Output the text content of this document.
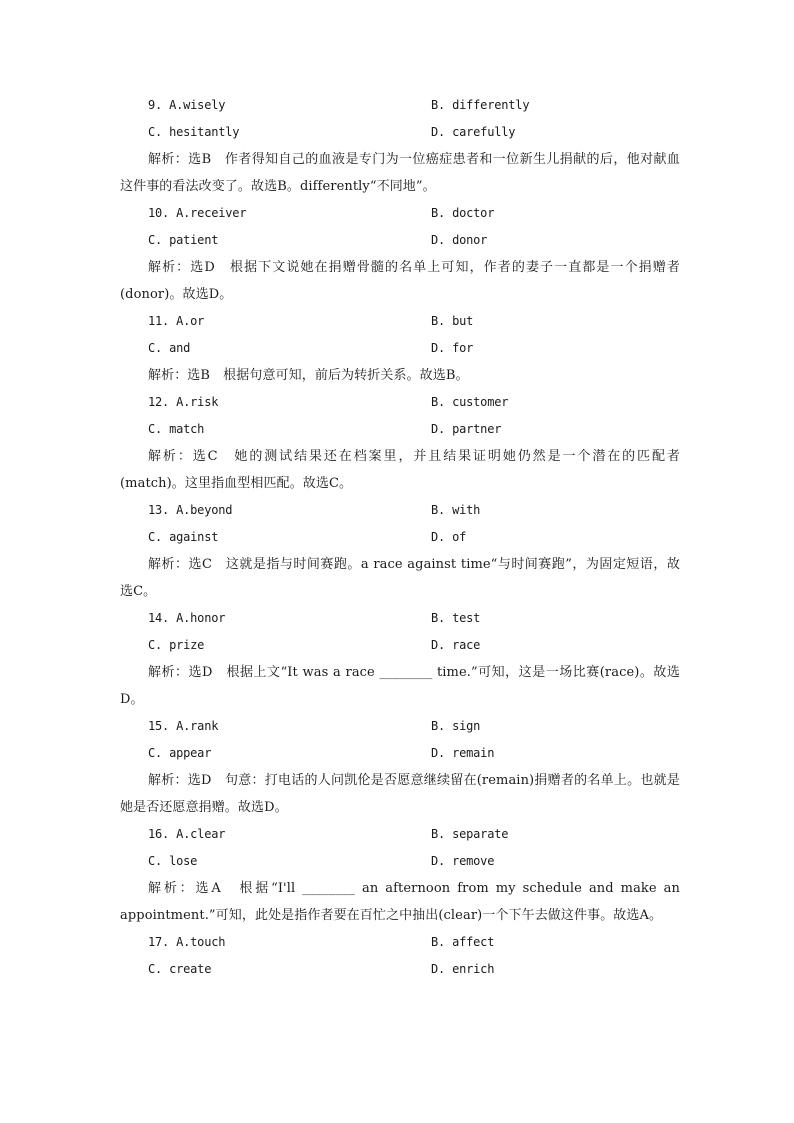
9. A.wisely	B. differently
C. hesitantly	D. carefully

解析：选B　作者得知自己的血液是专门为一位癌症患者和一位新生儿捐献的后，他对献血这件事的看法改变了。故选B。differently“不同地”。

10. A.receiver	B. doctor
C. patient	D. donor

解析：选D　根据下文说她在捐赠骨髓的名单上可知，作者的妻子一直都是一个捐赠者(donor)。故选D。

11. A.or	B. but
C. and	D. for

解析：选B　根据句意可知，前后为转折关系。故选B。

12. A.risk	B. customer
C. match	D. partner

解析：选C　她的测试结果还在档案里，并且结果证明她仍然是一个潜在的匹配者(match)。这里指血型相匹配。故选C。

13. A.beyond	B. with
C. against	D. of

解析：选C　这就是指与时间赛跑。a race against time“与时间赛跑”，为固定短语，故选C。

14. A.honor	B. test
C. prize	D. race

解析：选D　根据上文“It was a race ________ time.”可知，这是一场比赛(race)。故选D。

15. A.rank	B. sign
C. appear	D. remain

解析：选D　句意：打电话的人问凯伦是否愿意继续留在(remain)捐赠者的名单上。也就是她是否还愿意捐赠。故选D。

16. A.clear	B. separate
C. lose	D. remove

解析：选A　根据“I'll ________ an afternoon from my schedule and make an appointment.”可知，此处是指作者要在百忙之中抽出(clear)一个下午去做这件事。故选A。

17. A.touch	B. affect
C. create	D. enrich
